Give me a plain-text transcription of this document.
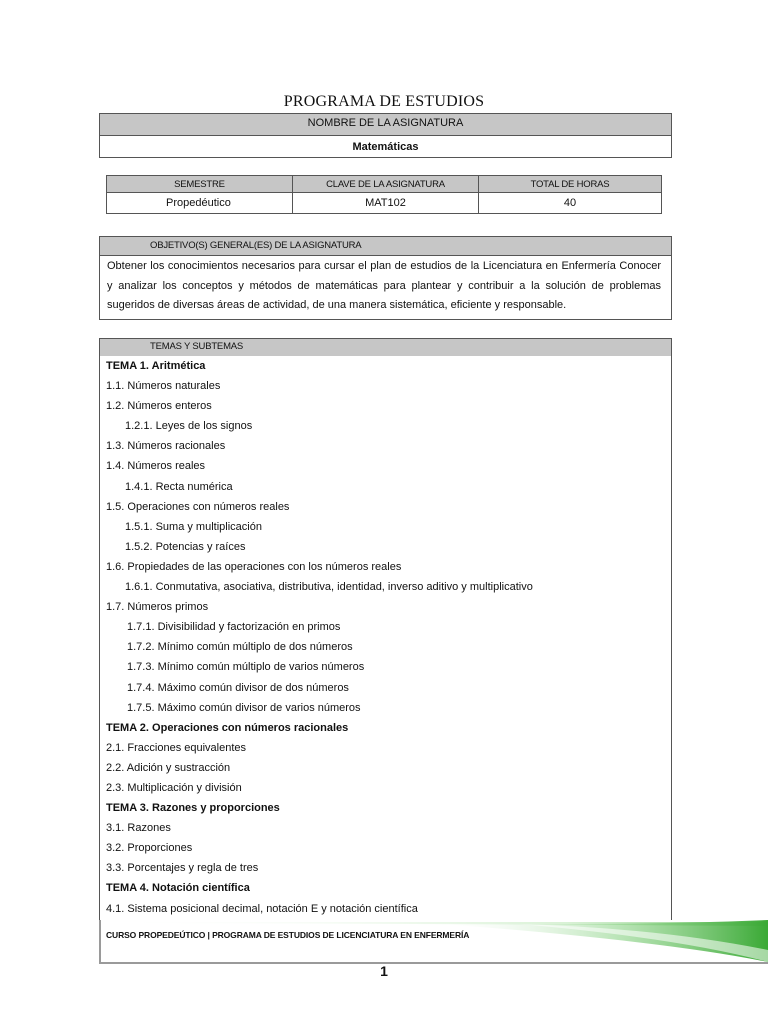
PROGRAMA DE ESTUDIOS
NOMBRE DE LA ASIGNATURA
Matemáticas
SEMESTRE	CLAVE DE LA ASIGNATURA	TOTAL DE HORAS
Propedéutico	MAT102	40
OBJETIVO(S) GENERAL(ES) DE LA ASIGNATURA
Obtener los conocimientos necesarios para cursar el plan de estudios de la Licenciatura en Enfermería Conocer y analizar los conceptos y métodos de matemáticas para plantear y contribuir a la solución de problemas sugeridos de diversas áreas de actividad, de una manera sistemática, eficiente y responsable.
TEMAS Y SUBTEMAS
TEMA 1. Aritmética
1.1. Números naturales
1.2. Números enteros
1.2.1. Leyes de los signos
1.3. Números racionales
1.4. Números reales
1.4.1. Recta numérica
1.5. Operaciones con números reales
1.5.1. Suma y multiplicación
1.5.2. Potencias y raíces
1.6. Propiedades de las operaciones con los números reales
1.6.1. Conmutativa, asociativa, distributiva, identidad, inverso aditivo y multiplicativo
1.7. Números primos
1.7.1. Divisibilidad y factorización en primos
1.7.2. Mínimo común múltiplo de dos números
1.7.3. Mínimo común múltiplo de varios números
1.7.4. Máximo común divisor de dos números
1.7.5. Máximo común divisor de varios números
TEMA 2. Operaciones con números racionales
2.1. Fracciones equivalentes
2.2. Adición y sustracción
2.3. Multiplicación y división
TEMA 3. Razones y proporciones
3.1. Razones
3.2. Proporciones
3.3. Porcentajes y regla de tres
TEMA 4. Notación científica
4.1. Sistema posicional decimal, notación E y notación científica
CURSO PROPEDEÚTICO | PROGRAMA DE ESTUDIOS DE LICENCIATURA EN ENFERMERÍA
1
